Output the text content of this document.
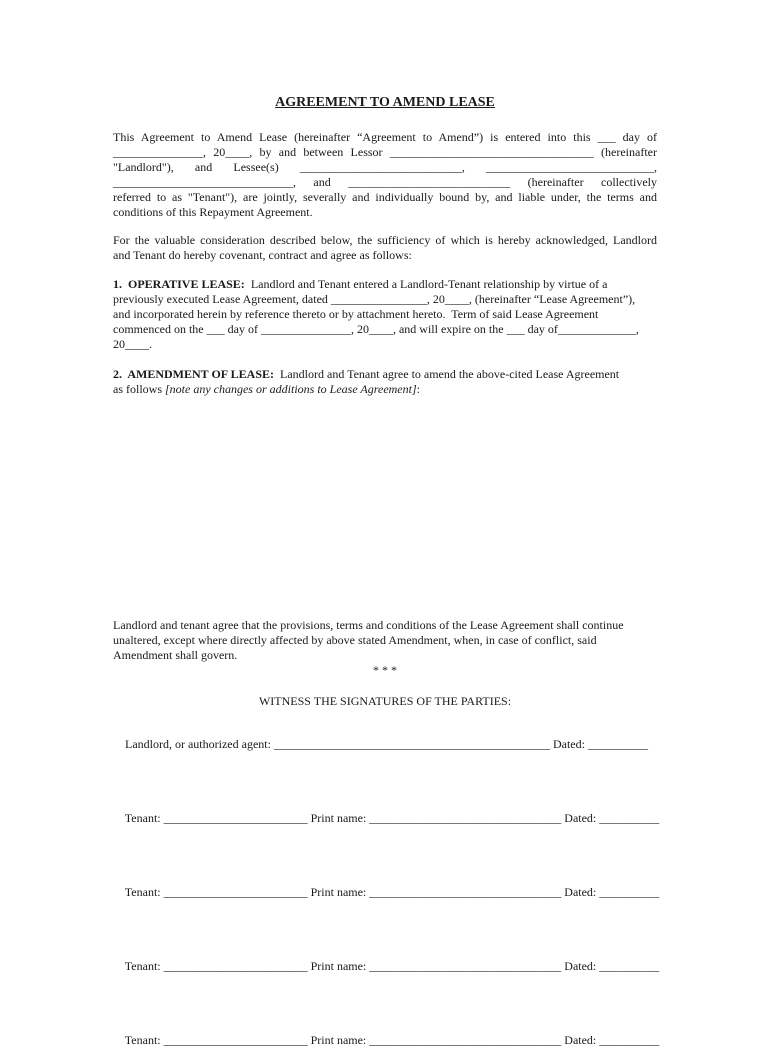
AGREEMENT TO AMEND LEASE
This Agreement to Amend Lease (hereinafter “Agreement to Amend”) is entered into this ___ day of
_______________, 20____, by and between Lessor __________________________________ (hereinafter
"Landlord"), and Lessee(s) ___________________________, ____________________________,
______________________________, and ___________________________ (hereinafter collectively
referred to as "Tenant"), are jointly, severally and individually bound by, and liable under, the terms and
conditions of this Repayment Agreement.
For the valuable consideration described below, the sufficiency of which is hereby acknowledged, Landlord
and Tenant do hereby covenant, contract and agree as follows:
1.  OPERATIVE LEASE:  Landlord and Tenant entered a Landlord-Tenant relationship by virtue of a
previously executed Lease Agreement, dated ________________, 20____, (hereinafter “Lease Agreement”),
and incorporated herein by reference thereto or by attachment hereto.  Term of said Lease Agreement
commenced on the ___ day of _______________, 20____, and will expire on the ___ day of_____________,
20____.
2.  AMENDMENT OF LEASE:  Landlord and Tenant agree to amend the above-cited Lease Agreement
as follows [note any changes or additions to Lease Agreement]:
Landlord and tenant agree that the provisions, terms and conditions of the Lease Agreement shall continue
unaltered, except where directly affected by above stated Amendment, when, in case of conflict, said
Amendment shall govern.
* * *
WITNESS THE SIGNATURES OF THE PARTIES:

Landlord, or authorized agent: ______________________________________________ Dated: __________

Tenant: ________________________ Print name: ________________________________ Dated: __________

Tenant: ________________________ Print name: ________________________________ Dated: __________

Tenant: ________________________ Print name: ________________________________ Dated: __________

Tenant: ________________________ Print name: ________________________________ Dated: __________
